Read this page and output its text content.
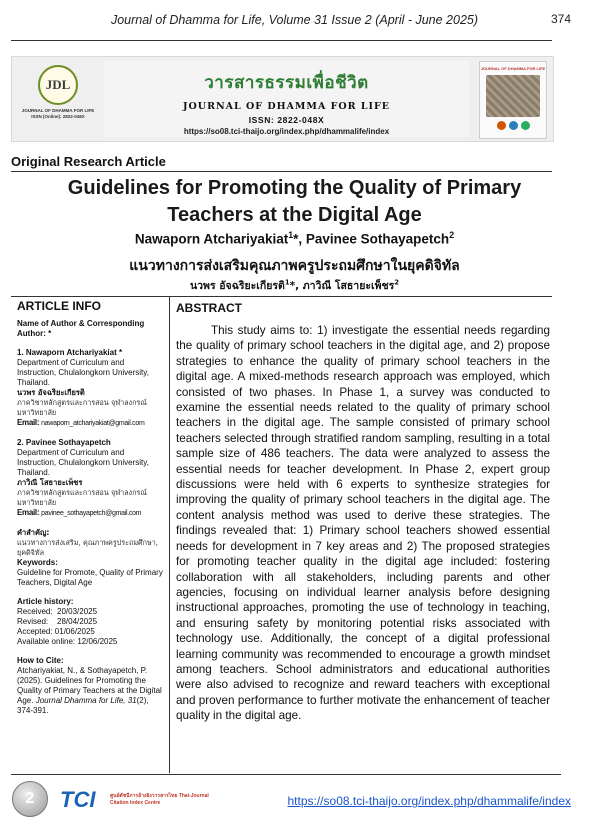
Journal of Dhamma for Life, Volume 31 Issue 2 (April - June 2025)	374
JDL
JOURNAL OF DHAMMA FOR LIFE ISSN (Online): 2822-048X
วารสารธรรมเพื่อชีวิต
JOURNAL OF DHAMMA FOR LIFE
ISSN: 2822-048X
https://so08.tci-thaijo.org/index.php/dhammalife/index
JOURNAL OF DHAMMA FOR LIFE
Original Research Article
Guidelines for Promoting the Quality of Primary
Teachers at the Digital Age
Nawaporn Atchariyakiat$^1$*, Pavinee Sothayapetch$^2$
แนวทางการส่งเสริมคุณภาพครูประถมศึกษาในยุคดิจิทัล
นวพร อัจฉริยะเกียรติ$^1$*, ภาวิณี โสธายะเพ็ชร$^2$
ARTICLE INFO
Name of Author & Corresponding Author: *
1. Nawaporn Atchariyakiat *
Department of Curriculum and Instruction, Chulalongkorn University, Thailand.
นวพร อัจฉริยะเกียรติ
ภาควิชาหลักสูตรและการสอน จุฬาลงกรณ์มหาวิทยาลัย
Email: nawaporn_atchariyakiat@gmail.com
2. Pavinee Sothayapetch
Department of Curriculum and Instruction, Chulalongkorn University, Thailand.
ภาวิณี โสธายะเพ็ชร
ภาควิชาหลักสูตรและการสอน จุฬาลงกรณ์มหาวิทยาลัย
Email: pavinee_sothayapetch@gmail.com
คำสำคัญ:
แนวทางการส่งเสริม, คุณภาพครูประถมศึกษา, ยุคดิจิทัล
Keywords:
Guideline for Promote, Quality of Primary Teachers, Digital Age
Article history:
Received:  20/03/2025
Revised:    28/04/2025
Accepted: 01/06/2025
Available online: 12/06/2025
How to Cite:
Atchariyakiat, N., & Sothayapetch, P. (2025). Guidelines for Promoting the Quality of Primary Teachers at the Digital Age. Journal Dhamma for Life, 31(2), 374-391.
ABSTRACT

This study aims to: 1) investigate the essential needs regarding the quality of primary school teachers in the digital age, and 2) propose strategies to enhance the quality of primary school teachers in the digital age. A mixed-methods research approach was employed, which consisted of two phases. In Phase 1, a survey was conducted to examine the essential needs related to the quality of primary school teachers in the digital age. The sample consisted of primary school teachers selected through stratified random sampling, resulting in a total sample size of 486 teachers. The data were analyzed to assess the essential needs for teacher development. In Phase 2, expert group discussions were held with 6 experts to synthesize strategies for improving the quality of primary school teachers in the digital age. The content analysis method was used to derive these strategies. The findings revealed that: 1) Primary school teachers showed essential needs for development in 7 key areas and 2) The proposed strategies for promoting teacher quality in the digital age included: fostering collaboration with all stakeholders, including parents and other agencies, focusing on individual learner analysis before designing instructional approaches, promoting the use of technology in teaching, and ensuring safety by monitoring potential risks associated with technology use. Additionally, the concept of a digital professional learning community was recommended to encourage a growth mindset among teachers. School administrators and educational authorities were also advised to recognize and reward teachers with exceptional and proven performance to further motivate the enhancement of teacher quality in the digital age.

2	TCI	ศูนย์ดัชนีการอ้างอิงวารสารไทย Thai-Journal Citation Index Centre	https://so08.tci-thaijo.org/index.php/dhammalife/index
